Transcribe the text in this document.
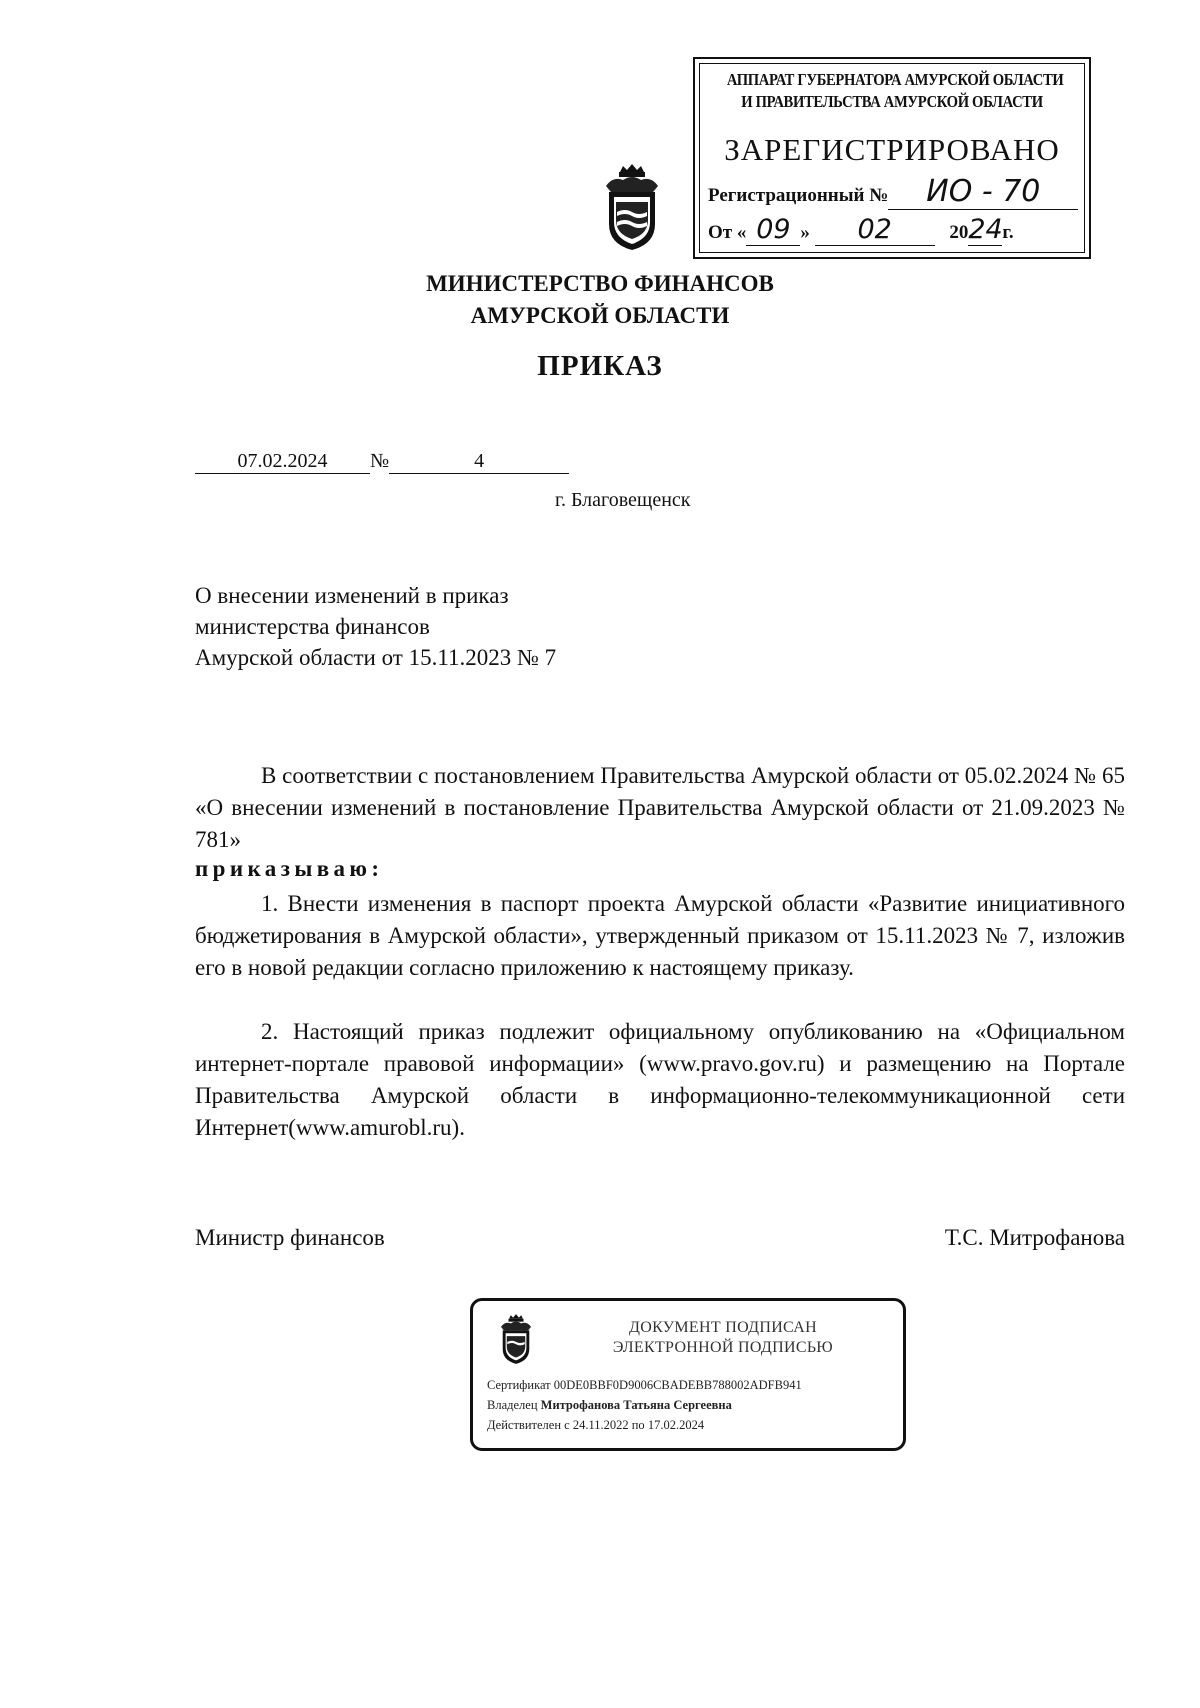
АППАРАТ ГУБЕРНАТОРА АМУРСКОЙ ОБЛАСТИ
И ПРАВИТЕЛЬСТВА АМУРСКОЙ ОБЛАСТИ
ЗАРЕГИСТРИРОВАНО
Регистрационный № ИО - 70
От « 09 » 02	2024г.
МИНИСТЕРСТВО ФИНАНСОВ
АМУРСКОЙ ОБЛАСТИ
ПРИКАЗ
07.02.2024 №	4
г. Благовещенск
О внесении изменений в приказ
министерства финансов
Амурской области от 15.11.2023 № 7
В соответствии с постановлением Правительства Амурской области от 05.02.2024 № 65 «О внесении изменений в постановление Правительства Амурской области от 21.09.2023 № 781»
приказываю:
1. Внести изменения в паспорт проекта Амурской области «Развитие инициативного бюджетирования в Амурской области», утвержденный приказом от 15.11.2023 № 7, изложив его в новой редакции согласно приложению к настоящему приказу.
2. Настоящий приказ подлежит официальному опубликованию на «Официальном интернет-портале правовой информации» (www.pravo.gov.ru) и размещению на Портале Правительства Амурской области в информационно-телекоммуникационной сети Интернет(www.amurobl.ru).
Министр финансов	Т.С. Митрофанова
ДОКУМЕНТ ПОДПИСАН
ЭЛЕКТРОННОЙ ПОДПИСЬЮ
Сертификат 00DE0BBF0D9006CBADEBB788002ADFB941
Владелец Митрофанова Татьяна Сергеевна
Действителен с 24.11.2022 по 17.02.2024
